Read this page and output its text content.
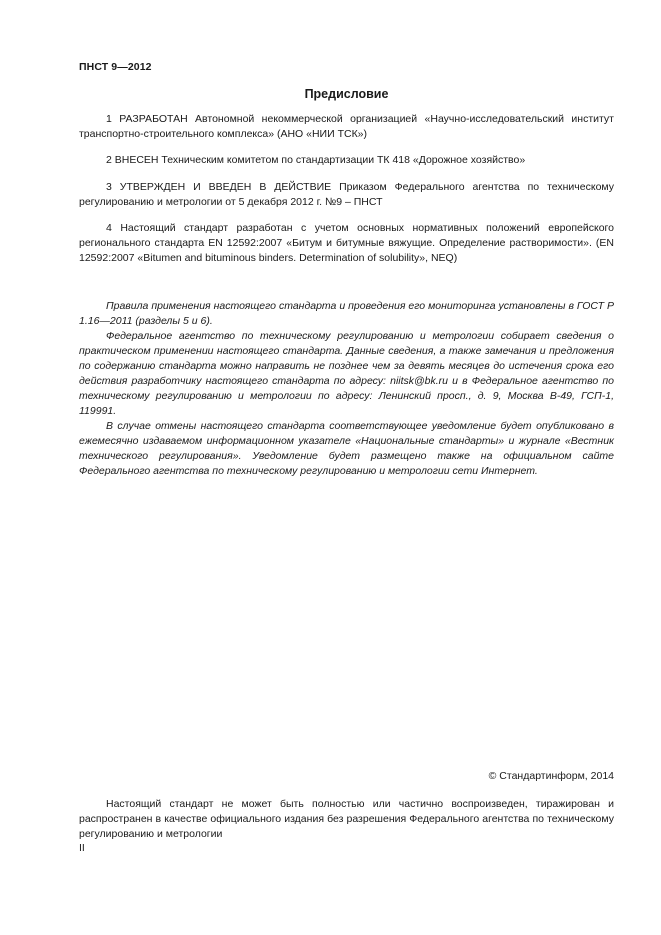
ПНСТ 9—2012
Предисловие

1 РАЗРАБОТАН Автономной некоммерческой организацией «Научно-исследовательский институт транспортно-строительного комплекса» (АНО «НИИ ТСК»)

2 ВНЕСЕН Техническим комитетом по стандартизации ТК 418 «Дорожное хозяйство»

3 УТВЕРЖДЕН И ВВЕДЕН В ДЕЙСТВИЕ Приказом Федерального агентства по техническому регулированию и метрологии от 5 декабря 2012 г. №9 – ПНСТ

4 Настоящий стандарт разработан с учетом основных нормативных положений европейского регионального стандарта EN 12592:2007 «Битум и битумные вяжущие. Определение растворимости». (EN 12592:2007 «Bitumen and bituminous binders. Determination of solubility», NEQ)

Правила применения настоящего стандарта и проведения его мониторинга установлены в ГОСТ Р 1.16—2011 (разделы 5 и 6).

Федеральное агентство по техническому регулированию и метрологии собирает сведения о практическом применении настоящего стандарта. Данные сведения, а также замечания и предложения по содержанию стандарта можно направить не позднее чем за девять месяцев до истечения срока его действия разработчику настоящего стандарта по адресу: niitsk@bk.ru и в Федеральное агентство по техническому регулированию и метрологии по адресу: Ленинский просп., д. 9, Москва В-49, ГСП-1, 119991.

В случае отмены настоящего стандарта соответствующее уведомление будет опубликовано в ежемесячно издаваемом информационном указателе «Национальные стандарты» и журнале «Вестник технического регулирования». Уведомление будет размещено также на официальном сайте Федерального агентства по техническому регулированию и метрологии сети Интернет.

© Стандартинформ, 2014

Настоящий стандарт не может быть полностью или частично воспроизведен, тиражирован и распространен в качестве официального издания без разрешения Федерального агентства по техническому регулированию и метрологии

II
